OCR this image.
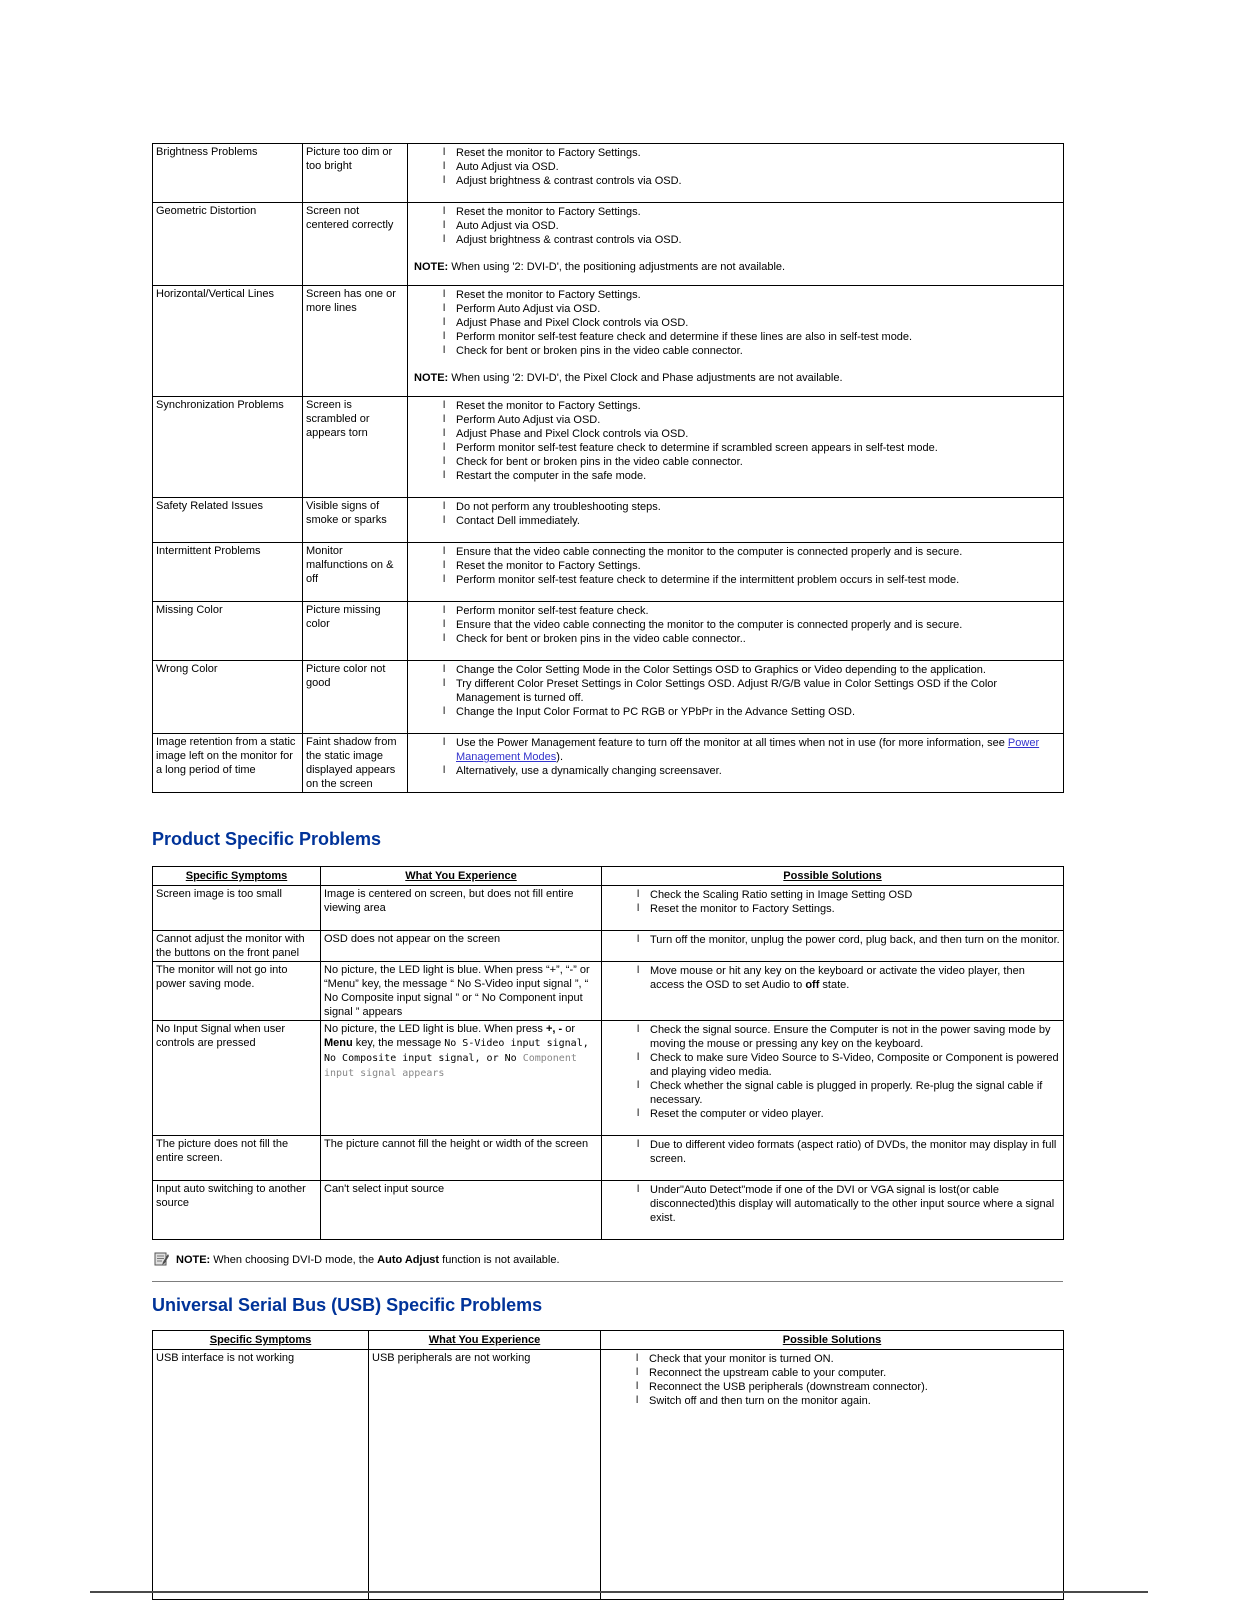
Brightness Problems	Picture too dim or too bright	
l Reset the monitor to Factory Settings.
l Auto Adjust via OSD.
l Adjust brightness & contrast controls via OSD.

Geometric Distortion	Screen not centered correctly	
l Reset the monitor to Factory Settings.
l Auto Adjust via OSD.
l Adjust brightness & contrast controls via OSD.

NOTE: When using '2: DVI-D', the positioning adjustments are not available.

Horizontal/Vertical Lines	Screen has one or more lines	
l Reset the monitor to Factory Settings.
l Perform Auto Adjust via OSD.
l Adjust Phase and Pixel Clock controls via OSD.
l Perform monitor self-test feature check and determine if these lines are also in self-test mode.
l Check for bent or broken pins in the video cable connector.

NOTE: When using '2: DVI-D', the Pixel Clock and Phase adjustments are not available.

Synchronization Problems	Screen is scrambled or appears torn	
l Reset the monitor to Factory Settings.
l Perform Auto Adjust via OSD.
l Adjust Phase and Pixel Clock controls via OSD.
l Perform monitor self-test feature check to determine if scrambled screen appears in self-test mode.
l Check for bent or broken pins in the video cable connector.
l Restart the computer in the safe mode.

Safety Related Issues	Visible signs of smoke or sparks	
l Do not perform any troubleshooting steps.
l Contact Dell immediately.

Intermittent Problems	Monitor malfunctions on & off	
l Ensure that the video cable connecting the monitor to the computer is connected properly and is secure.
l Reset the monitor to Factory Settings.
l Perform monitor self-test feature check to determine if the intermittent problem occurs in self-test mode.

Missing Color	Picture missing color	
l Perform monitor self-test feature check.
l Ensure that the video cable connecting the monitor to the computer is connected properly and is secure.
l Check for bent or broken pins in the video cable connector..

Wrong Color	Picture color not good	
l Change the Color Setting Mode in the Color Settings OSD to Graphics or Video depending to the application.
l Try different Color Preset Settings in Color Settings OSD. Adjust R/G/B value in Color Settings OSD if the Color Management is turned off.
l Change the Input Color Format to PC RGB or YPbPr in the Advance Setting OSD.

Image retention from a static image left on the monitor for a long period of time	Faint shadow from the static image displayed appears on the screen	
l Use the Power Management feature to turn off the monitor at all times when not in use (for more information, see Power Management Modes).
l Alternatively, use a dynamically changing screensaver.
Product Specific Problems
Specific Symptoms	What You Experience	Possible Solutions
Screen image is too small	Image is centered on screen, but does not fill entire viewing area	
l Check the Scaling Ratio setting in Image Setting OSD
l Reset the monitor to Factory Settings.

Cannot adjust the monitor with the buttons on the front panel	OSD does not appear on the screen	
lTurn off the monitor, unplug the power cord, plug back, and then turn on the monitor.

The monitor will not go into power saving mode.	No picture, the LED light is blue. When press “+”, “-” or “Menu” key, the message “ No S-Video input signal ”, “ No Composite input signal ” or “ No Component input signal ” appears	
l Move mouse or hit any key on the keyboard or activate the video player, then access the OSD to set Audio to off state.

No Input Signal when user controls are pressed	No picture, the LED light is blue. When press +, - or Menu key, the message No S-Video input signal, No Composite input signal, or No Component input signal appears	
l Check the signal source. Ensure the Computer is not in the power saving mode by moving the mouse or pressing any key on the keyboard.
l Check to make sure Video Source to S-Video, Composite or Component is powered and playing video media.
l Check whether the signal cable is plugged in properly. Re-plug the signal cable if necessary.
l Reset the computer or video player.

The picture does not fill the entire screen.	The picture cannot fill the height or width of the screen	
lDue to different video formats (aspect ratio) of DVDs, the monitor may display in full screen.

Input auto switching to another source	Can't select input source	
lUnder"Auto Detect"mode if one of the DVI or VGA signal is lost(or cable disconnected)this display will automatically to the other input source where a signal exist.
NOTE: When choosing DVI-D mode, the Auto Adjust function is not available.
Universal Serial Bus (USB) Specific Problems
Specific Symptoms	What You Experience	Possible Solutions
USB interface is not working	USB peripherals are not working	
lCheck that your monitor is turned ON.
l Reconnect the upstream cable to your computer.
l Reconnect the USB peripherals (downstream connector).
l Switch off and then turn on the monitor again.
